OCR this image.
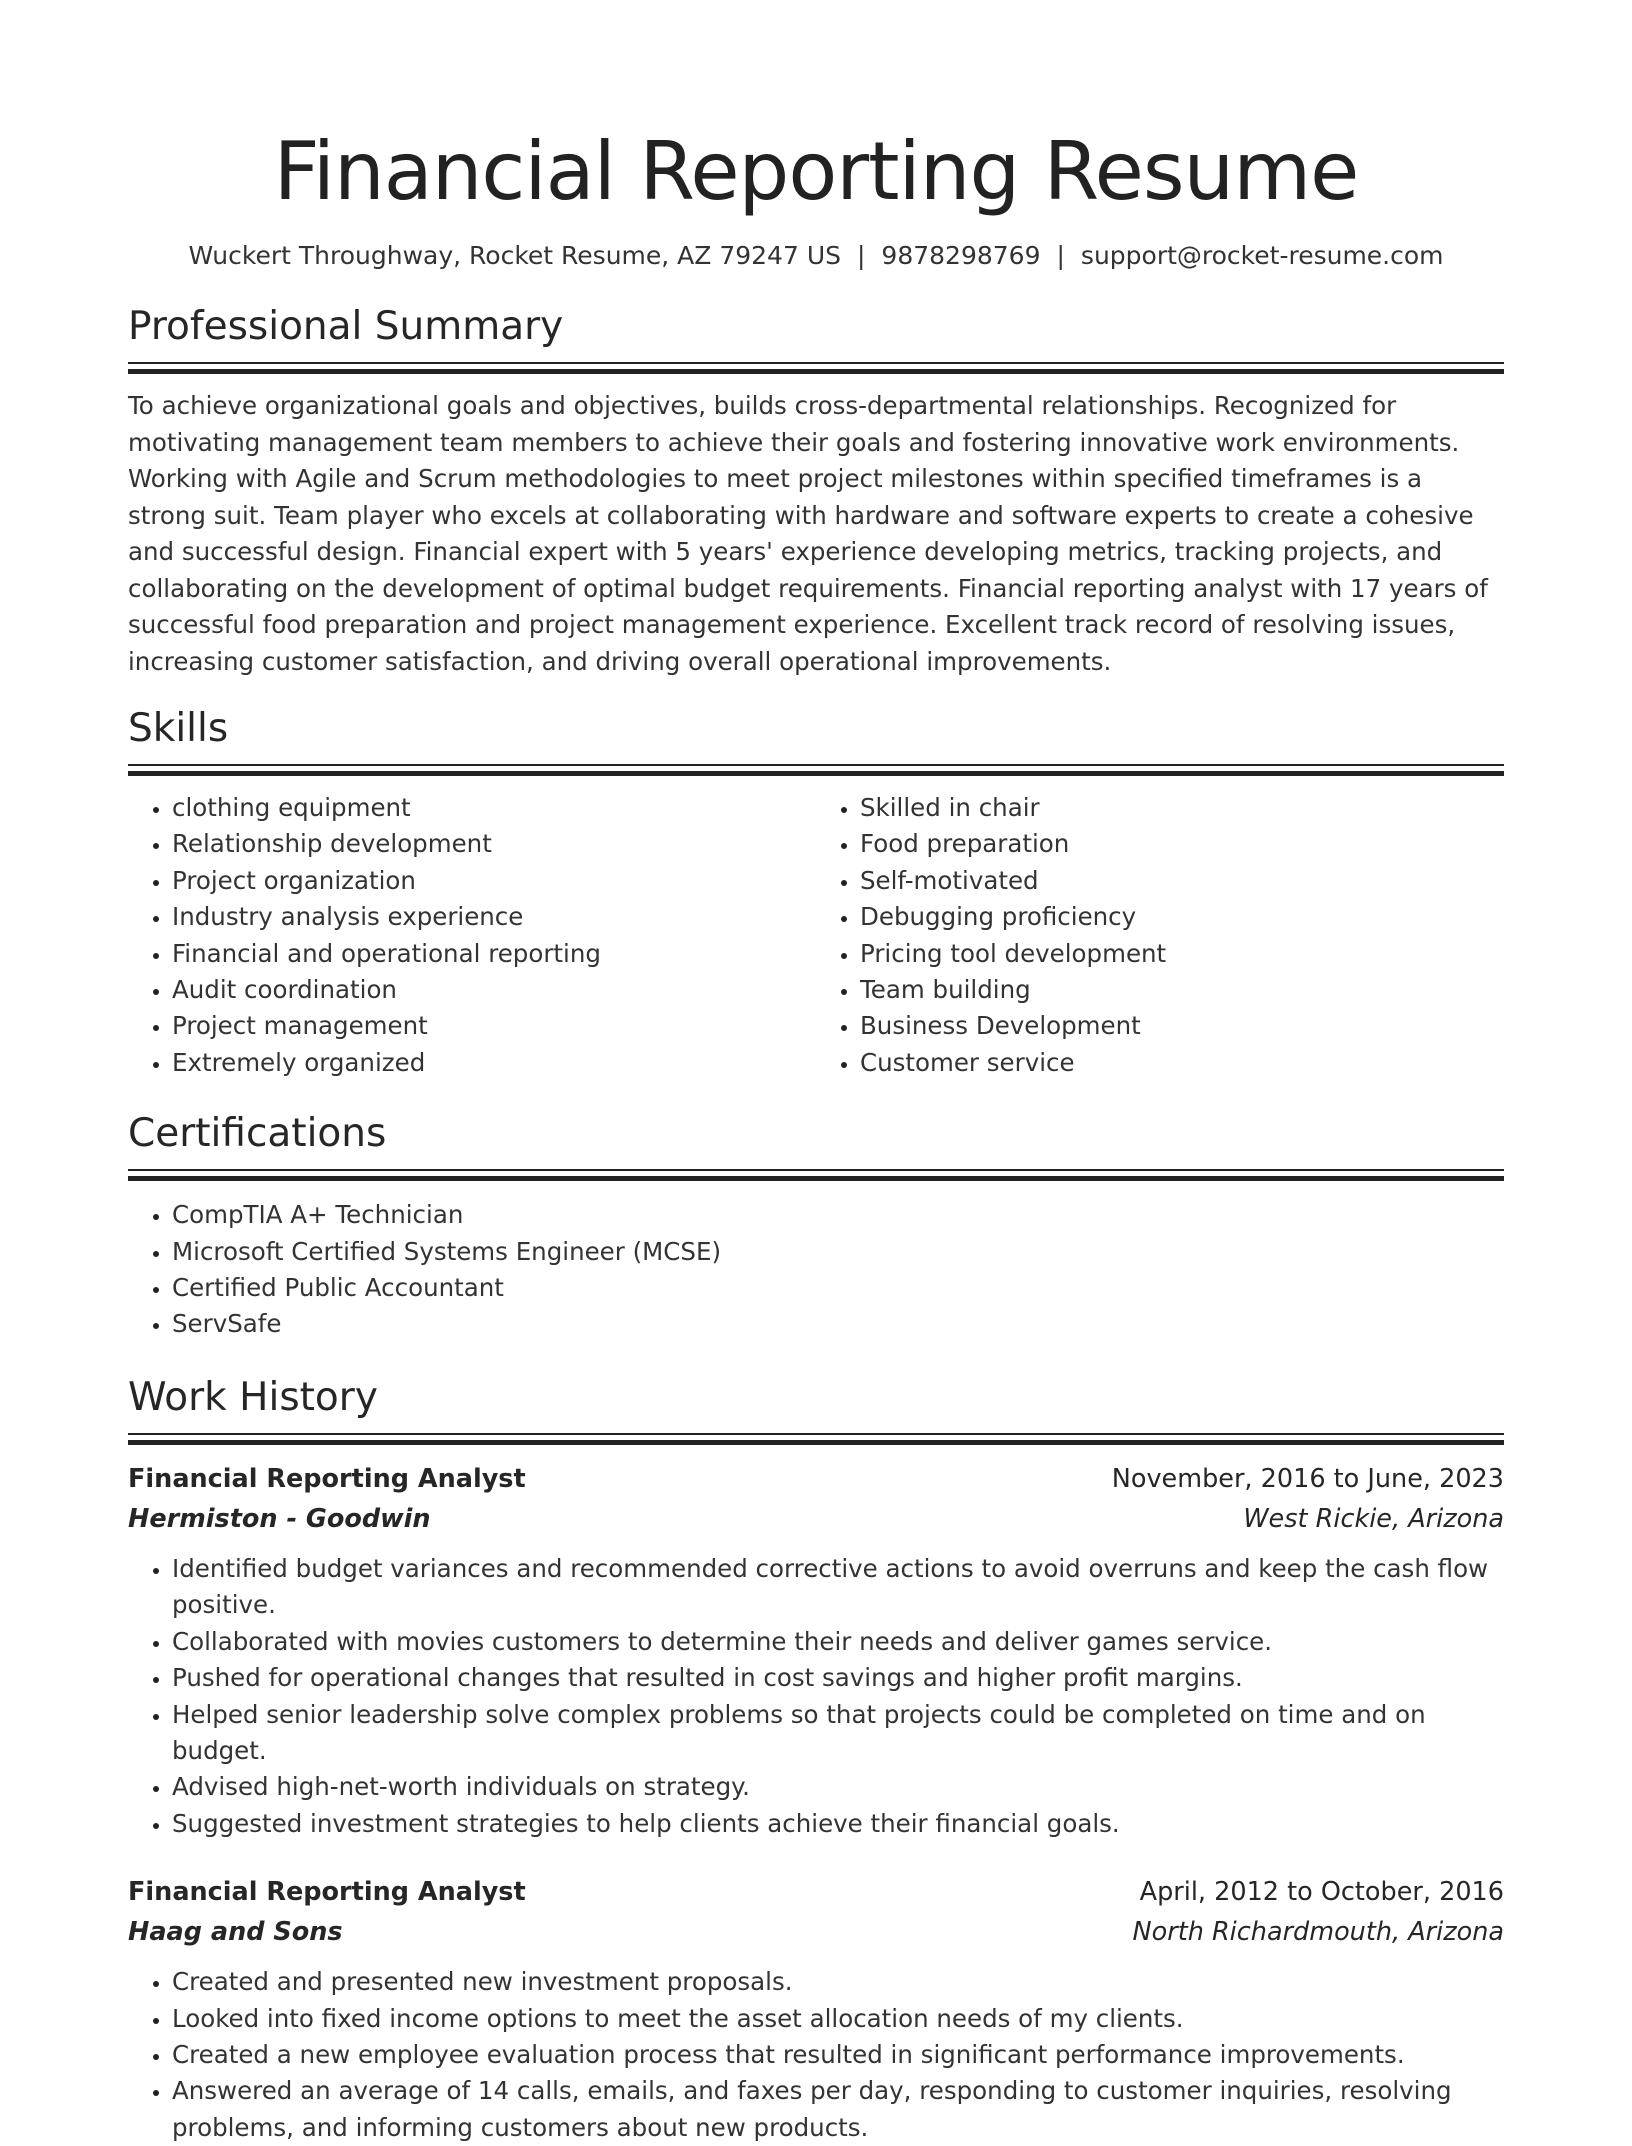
Financial Reporting Resume
Wuckert Throughway, Rocket Resume, AZ 79247 US | 9878298769 | support@rocket-resume.com
Professional Summary

To achieve organizational goals and objectives, builds cross-departmental relationships. Recognized for motivating management team members to achieve their goals and fostering innovative work environments. Working with Agile and Scrum methodologies to meet project milestones within specified timeframes is a strong suit. Team player who excels at collaborating with hardware and software experts to create a cohesive and successful design. Financial expert with 5 years' experience developing metrics, tracking projects, and collaborating on the development of optimal budget requirements. Financial reporting analyst with 17 years of successful food preparation and project management experience. Excellent track record of resolving issues, increasing customer satisfaction, and driving overall operational improvements.

Skills
• clothing equipment
• Relationship development
• Project organization
• Industry analysis experience
• Financial and operational reporting
• Audit coordination
• Project management
• Extremely organized
• Skilled in chair
• Food preparation
• Self-motivated
• Debugging proficiency
• Pricing tool development
• Team building
• Business Development
• Customer service
Certifications
• CompTIA A+ Technician
• Microsoft Certified Systems Engineer (MCSE)
• Certified Public Accountant
• ServSafe
Work History
Financial Reporting Analyst	November, 2016 to June, 2023
Hermiston - Goodwin	West Rickie, Arizona
• Identified budget variances and recommended corrective actions to avoid overruns and keep the cash flow positive.
• Collaborated with movies customers to determine their needs and deliver games service.
• Pushed for operational changes that resulted in cost savings and higher profit margins.
• Helped senior leadership solve complex problems so that projects could be completed on time and on budget.
• Advised high-net-worth individuals on strategy.
• Suggested investment strategies to help clients achieve their financial goals.
Financial Reporting Analyst	April, 2012 to October, 2016
Haag and Sons	North Richardmouth, Arizona
• Created and presented new investment proposals.
• Looked into fixed income options to meet the asset allocation needs of my clients.
• Created a new employee evaluation process that resulted in significant performance improvements.
• Answered an average of 14 calls, emails, and faxes per day, responding to customer inquiries, resolving problems, and informing customers about new products.
